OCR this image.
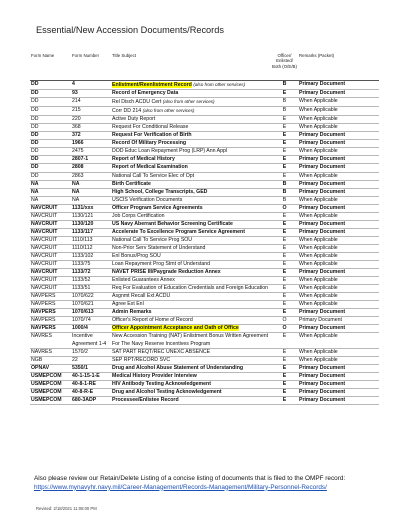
Essential/New Accession Documents/Records
Form Name	Form Number	Title Subject	Officer/ Enlisted/ Both (O/E/B)	Remarks (Packet)
DD	4	Enlistment/Reenlistment Record (also from other services)	B	Primary Document
DD	93	Record of Emergency Data	E	Primary Document
DD	214	Rel Disch ACDU Cert (also from other services)	B	When Applicable
DD	215	Corr DD 214 (also from other services)	B	When Applicable
DD	220	Active Duty Report	E	When Applicable
DD	368	Request For Conditional Release	E	When Applicable
DD	372	Request For Verification of Birth	E	Primary Document
DD	1966	Record Of Military Processing	E	Primary Document
DD	2475	DOD Educ Loan Repayment Prog (LRP) Ann Appl	E	When Applicable
DD	2807-1	Report of Medical History	E	Primary Document
DD	2808	Report of Medical Examination	E	Primary Document
DD	2863	National Call To Service Elec of Opt	E	When Applicable
NA	NA	Birth Certificate	B	Primary Document
NA	NA	High School, College Transcripts, GED	B	Primary Document
NA	NA	USCIS Verification Documents	B	When Applicable
NAVCRUIT	1131/xxx	Officer Program Service Agreements	O	Primary Document
NAVCRUIT	1130/121	Job Corps Certification	E	When Applicable
NAVCRUIT	1130/120	US Navy Aberrant Behavior Screening Certificate	E	Primary Document
NAVCRUIT	1133/117	Accelerate To Excellence Program Service Agreement	E	Primary Document
NAVCRUIT	1110/113	National Call To Service Prog SOU	E	When Applicable
NAVCRUIT	1110/112	Non-Prior Serv Statement of Understand	E	When Applicable
NAVCRUIT	1133/102	Enl Bonus/Prog SOU	E	When Applicable
NAVCRUIT	1133/75	Loan Repayment Prog Stmt of Understand	E	When Applicable
NAVCRUIT	1133/72	NAVET PRISE III/Paygrade Reduction Annex	E	Primary Document
NAVCRUIT	1133/52	Enlisted Guarantees Annex	E	When Applicable
NAVCRUIT	1133/51	Req For Evaluation of Education Credentials and Foreign Education	E	When Applicable
NAVPERS	1070/622	Asgnmt Recall Ext ACDU	E	When Applicable
NAVPERS	1070/621	Agree Ext Enl	E	When Applicable
NAVPERS	1070/613	Admin Remarks	E	Primary Document
NAVPERS	1070/74	Officer's Report of Home of Record	O	Primary Document
NAVPERS	1000/4	Officer Appointment Acceptance and Oath of Office	O	Primary Document
NAVRES	Incentive Agreement 1-4	New Accession Training (NAT) Enlistment Bonus Written Agreement For The Navy Reserve Incentives Program	E	When Applicable
NAVRES	1570/2	SAT PART REQT/REC UNEXC ABSENCE	E	When Applicable
NGB	22	SEP RPT/RECORD SVC	E	When Applicable
OPNAV	5350/1	Drug and Alcohol Abuse Statement of Understanding	E	Primary Document
USMEPCOM	40-1-15-1-E	Medical History Provider Interview	E	Primary Document
USMEPCOM	40-8-1-RE	HIV Antibody Testing Acknowledgement	E	Primary Document
USMEPCOM	40-8-R-E	Drug and Alcohol Testing Acknowledgement	E	Primary Document
USMEPCOM	680-3ADP	Processee/Enlistee Record	E	Primary Document
Also please review our Retain/Delete Listing of a concise listing of documents that is filed to the OMPF record:
https://www.mynavyhr.navy.mil/Career-Management/Records-Management/Military-Personnel-Records/
Revised: 2/18/2021 11:08:00 PM
